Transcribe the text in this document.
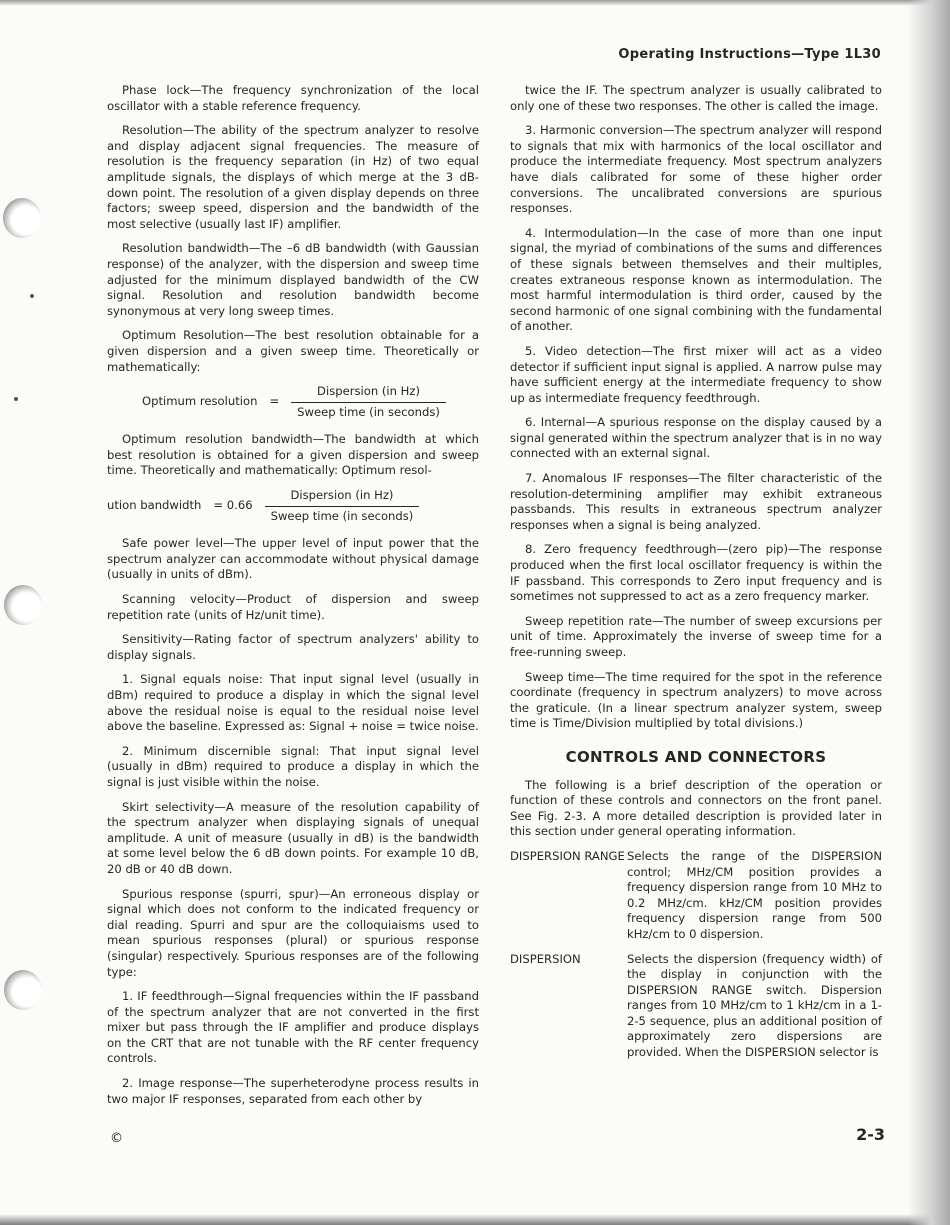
Operating Instructions—Type 1L30

Phase lock—The frequency synchronization of the local oscillator with a stable reference frequency.

Resolution—The ability of the spectrum analyzer to resolve and display adjacent signal frequencies. The measure of resolution is the frequency separation (in Hz) of two equal amplitude signals, the displays of which merge at the 3 dB-down point. The resolution of a given display depends on three factors; sweep speed, dispersion and the bandwidth of the most selective (usually last IF) amplifier.

Resolution bandwidth—The –6 dB bandwidth (with Gaussian response) of the analyzer, with the dispersion and sweep time adjusted for the minimum displayed bandwidth of the CW signal. Resolution and resolution bandwidth become synonymous at very long sweep times.

Optimum Resolution—The best resolution obtainable for a given dispersion and a given sweep time. Theoretically or mathematically:

Optimum resolution = $\frac{\text{Dispersion (in Hz)}}{\text{Sweep time (in seconds)}}$

Optimum resolution bandwidth—The bandwidth at which best resolution is obtained for a given dispersion and sweep time. Theoretically and mathematically: Optimum resol-

ution bandwidth = $0.66 \frac{\text{Dispersion (in Hz)}}{\text{Sweep time (in seconds)}}$

Safe power level—The upper level of input power that the spectrum analyzer can accommodate without physical damage (usually in units of dBm).

Scanning velocity—Product of dispersion and sweep repetition rate (units of Hz/unit time).

Sensitivity—Rating factor of spectrum analyzers' ability to display signals.

1. Signal equals noise: That input signal level (usually in dBm) required to produce a display in which the signal level above the residual noise is equal to the residual noise level above the baseline. Expressed as: Signal + noise = twice noise.

2. Minimum discernible signal: That input signal level (usually in dBm) required to produce a display in which the signal is just visible within the noise.

Skirt selectivity—A measure of the resolution capability of the spectrum analyzer when displaying signals of unequal amplitude. A unit of measure (usually in dB) is the bandwidth at some level below the 6 dB down points. For example 10 dB, 20 dB or 40 dB down.

Spurious response (spurri, spur)—An erroneous display or signal which does not conform to the indicated frequency or dial reading. Spurri and spur are the colloquiaisms used to mean spurious responses (plural) or spurious response (singular) respectively. Spurious responses are of the following type:

1. IF feedthrough—Signal frequencies within the IF passband of the spectrum analyzer that are not converted in the first mixer but pass through the IF amplifier and produce displays on the CRT that are not tunable with the RF center frequency controls.

2. Image response—The superheterodyne process results in two major IF responses, separated from each other by

twice the IF. The spectrum analyzer is usually calibrated to only one of these two responses. The other is called the image.

3. Harmonic conversion—The spectrum analyzer will respond to signals that mix with harmonics of the local oscillator and produce the intermediate frequency. Most spectrum analyzers have dials calibrated for some of these higher order conversions. The uncalibrated conversions are spurious responses.

4. Intermodulation—In the case of more than one input signal, the myriad of combinations of the sums and differences of these signals between themselves and their multiples, creates extraneous response known as intermodulation. The most harmful intermodulation is third order, caused by the second harmonic of one signal combining with the fundamental of another.

5. Video detection—The first mixer will act as a video detector if sufficient input signal is applied. A narrow pulse may have sufficient energy at the intermediate frequency to show up as intermediate frequency feedthrough.

6. Internal—A spurious response on the display caused by a signal generated within the spectrum analyzer that is in no way connected with an external signal.

7. Anomalous IF responses—The filter characteristic of the resolution-determining amplifier may exhibit extraneous passbands. This results in extraneous spectrum analyzer responses when a signal is being analyzed.

8. Zero frequency feedthrough—(zero pip)—The response produced when the first local oscillator frequency is within the IF passband. This corresponds to Zero input frequency and is sometimes not suppressed to act as a zero frequency marker.

Sweep repetition rate—The number of sweep excursions per unit of time. Approximately the inverse of sweep time for a free-running sweep.

Sweep time—The time required for the spot in the reference coordinate (frequency in spectrum analyzers) to move across the graticule. (In a linear spectrum analyzer system, sweep time is Time/Division multiplied by total divisions.)

CONTROLS AND CONNECTORS

The following is a brief description of the operation or function of these controls and connectors on the front panel. See Fig. 2-3. A more detailed description is provided later in this section under general operating information.

DISPERSION RANGE Selects the range of the DISPERSION control; MHz/CM position provides a frequency dispersion range from 10 MHz to 0.2 MHz/cm. kHz/CM position provides frequency dispersion range from 500 kHz/cm to 0 dispersion.
DISPERSION	Selects the dispersion (frequency width) of the display in conjunction with the DISPERSION RANGE switch. Dispersion ranges from 10 MHz/cm to 1 kHz/cm in a 1-2-5 sequence, plus an additional position of approximately zero dispersions are provided. When the DISPERSION selector is
©	2-3
